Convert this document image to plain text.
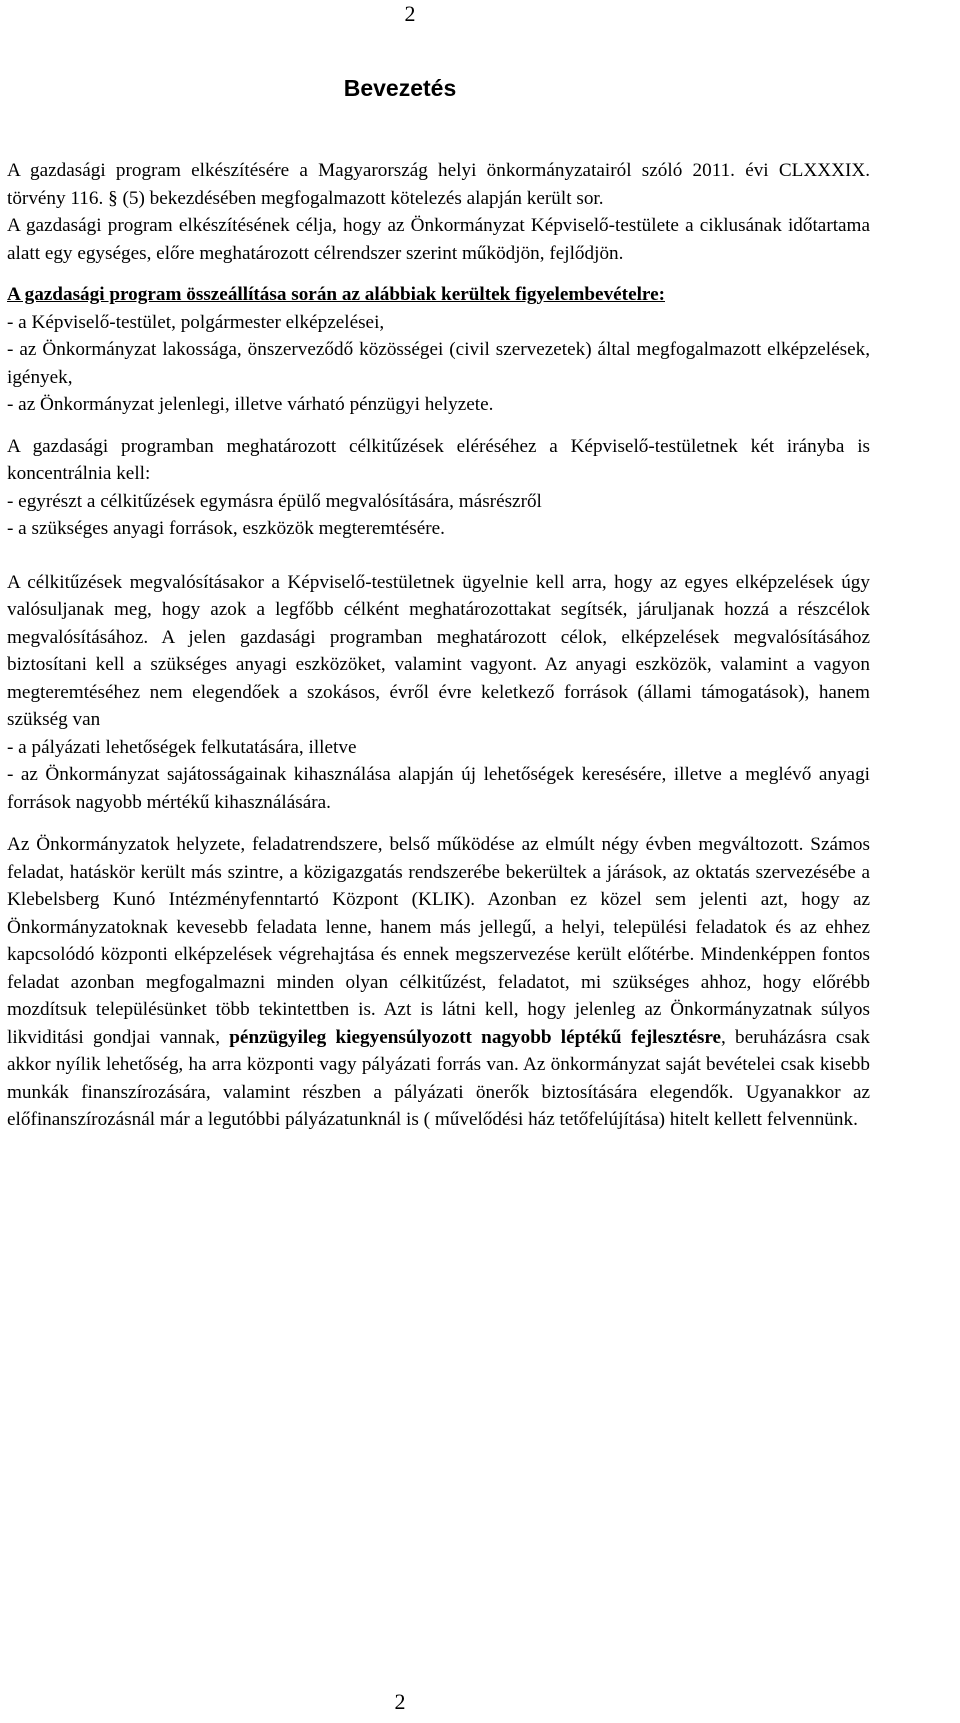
2
Bevezetés

A gazdasági program elkészítésére a Magyarország helyi önkormányzatairól szóló 2011. évi CLXXXIX. törvény 116. § (5) bekezdésében megfogalmazott kötelezés alapján került sor.

A gazdasági program elkészítésének célja, hogy az Önkormányzat Képviselő-testülete a ciklusának időtartama alatt egy egységes, előre meghatározott célrendszer szerint működjön, fejlődjön.

A gazdasági program összeállítása során az alábbiak kerültek figyelembevételre:

- a Képviselő-testület, polgármester elképzelései,

- az Önkormányzat lakossága, önszerveződő közösségei (civil szervezetek) által megfogalmazott elképzelések, igények,

- az Önkormányzat jelenlegi, illetve várható pénzügyi helyzete.

A gazdasági programban meghatározott célkitűzések eléréséhez a Képviselő-testületnek két irányba is koncentrálnia kell:

- egyrészt a célkitűzések egymásra épülő megvalósítására, másrészről

- a szükséges anyagi források, eszközök megteremtésére.

A célkitűzések megvalósításakor a Képviselő-testületnek ügyelnie kell arra, hogy az egyes elképzelések úgy valósuljanak meg, hogy azok a legfőbb célként meghatározottakat segítsék, járuljanak hozzá a részcélok megvalósításához. A jelen gazdasági programban meghatározott célok, elképzelések megvalósításához biztosítani kell a szükséges anyagi eszközöket, valamint vagyont. Az anyagi eszközök, valamint a vagyon megteremtéséhez nem elegendőek a szokásos, évről évre keletkező források (állami támogatások), hanem szükség van

- a pályázati lehetőségek felkutatására, illetve

- az Önkormányzat sajátosságainak kihasználása alapján új lehetőségek keresésére, illetve a meglévő anyagi források nagyobb mértékű kihasználására.

Az Önkormányzatok helyzete, feladatrendszere, belső működése az elmúlt négy évben megváltozott. Számos feladat, hatáskör került más szintre, a közigazgatás rendszerébe bekerültek a járások, az oktatás szervezésébe a Klebelsberg Kunó Intézményfenntartó Központ (KLIK). Azonban ez közel sem jelenti azt, hogy az Önkormányzatoknak kevesebb feladata lenne, hanem más jellegű, a helyi, települési feladatok és az ehhez kapcsolódó központi elképzelések végrehajtása és ennek megszervezése került előtérbe. Mindenképpen fontos feladat azonban megfogalmazni minden olyan célkitűzést, feladatot, mi szükséges ahhoz, hogy előrébb mozdítsuk településünket több tekintettben is. Azt is látni kell, hogy jelenleg az Önkormányzatnak súlyos likviditási gondjai vannak, pénzügyileg kiegyensúlyozott nagyobb léptékű fejlesztésre, beruházásra csak akkor nyílik lehetőség, ha arra központi vagy pályázati forrás van. Az önkormányzat saját bevételei csak kisebb munkák finanszírozására, valamint részben a pályázati önerők biztosítására elegendők. Ugyanakkor az előfinanszírozásnál már a legutóbbi pályázatunknál is ( művelődési ház tetőfelújítása) hitelt kellett felvennünk.

2
